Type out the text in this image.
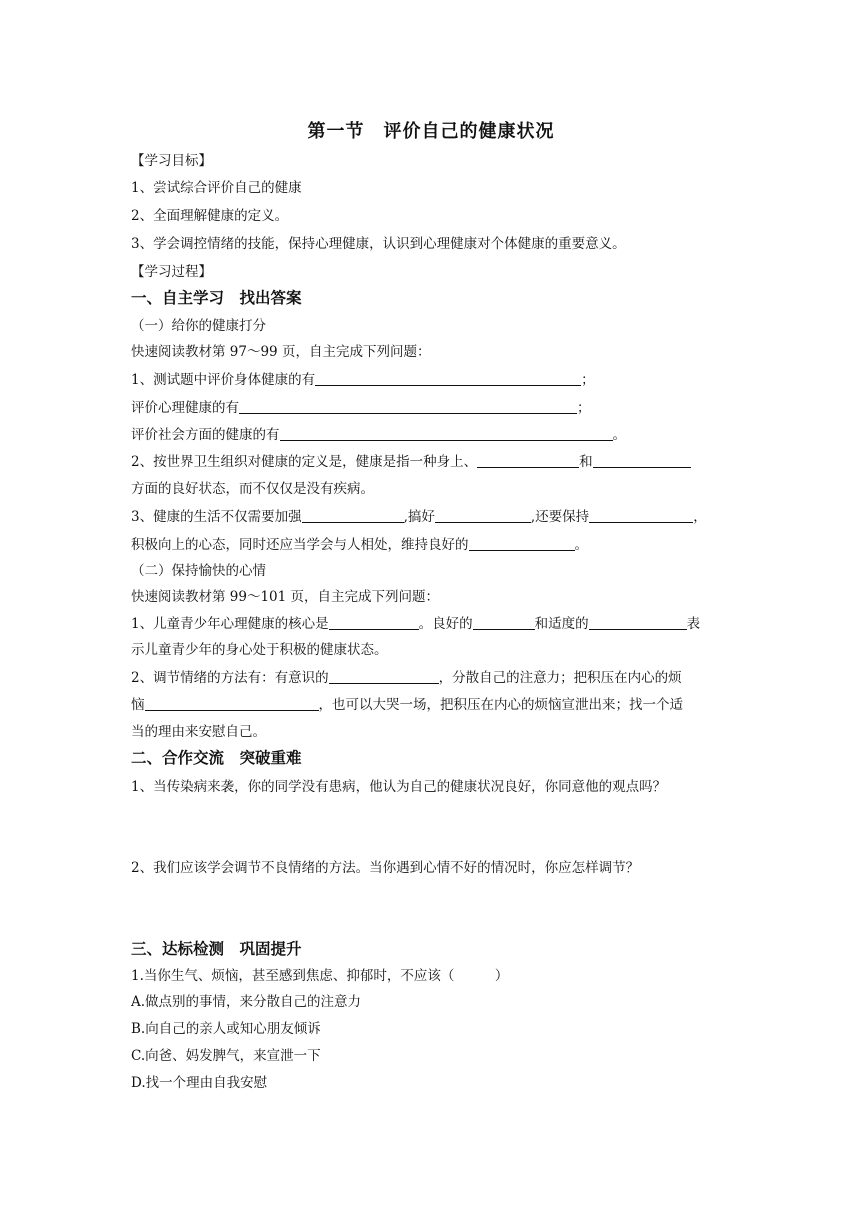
第一节　评价自己的健康状况
【学习目标】
1、尝试综合评价自己的健康
2、全面理解健康的定义。
3、学会调控情绪的技能，保持心理健康，认识到心理健康对个体健康的重要意义。
【学习过程】
一、自主学习　找出答案
（一）给你的健康打分
快速阅读教材第 97～99 页，自主完成下列问题：
1、测试题中评价身体健康的有	；
评价心理健康的有	；
评价社会方面的健康的有	。
2、按世界卫生组织对健康的定义是，健康是指一种身上、	和
方面的良好状态，而不仅仅是没有疾病。
3、健康的生活不仅需要加强	,搞好	,还要保持	，
积极向上的心态，同时还应当学会与人相处，维持良好的	。
（二）保持愉快的心情
快速阅读教材第 99～101 页，自主完成下列问题：
1、儿童青少年心理健康的核心是	。良好的	和适度的	表
示儿童青少年的身心处于积极的健康状态。
2、调节情绪的方法有：有意识的	，分散自己的注意力；把积压在内心的烦
恼	，也可以大哭一场，把积压在内心的烦恼宣泄出来；找一个适
当的理由来安慰自己。
二、合作交流　突破重难
1、当传染病来袭，你的同学没有患病，他认为自己的健康状况良好，你同意他的观点吗？
2、我们应该学会调节不良情绪的方法。当你遇到心情不好的情况时，你应怎样调节？
三、达标检测　巩固提升
1.当你生气、烦恼，甚至感到焦虑、抑郁时，不应该（　　　）
A.做点别的事情，来分散自己的注意力
B.向自己的亲人或知心朋友倾诉
C.向爸、妈发脾气，来宣泄一下
D.找一个理由自我安慰
